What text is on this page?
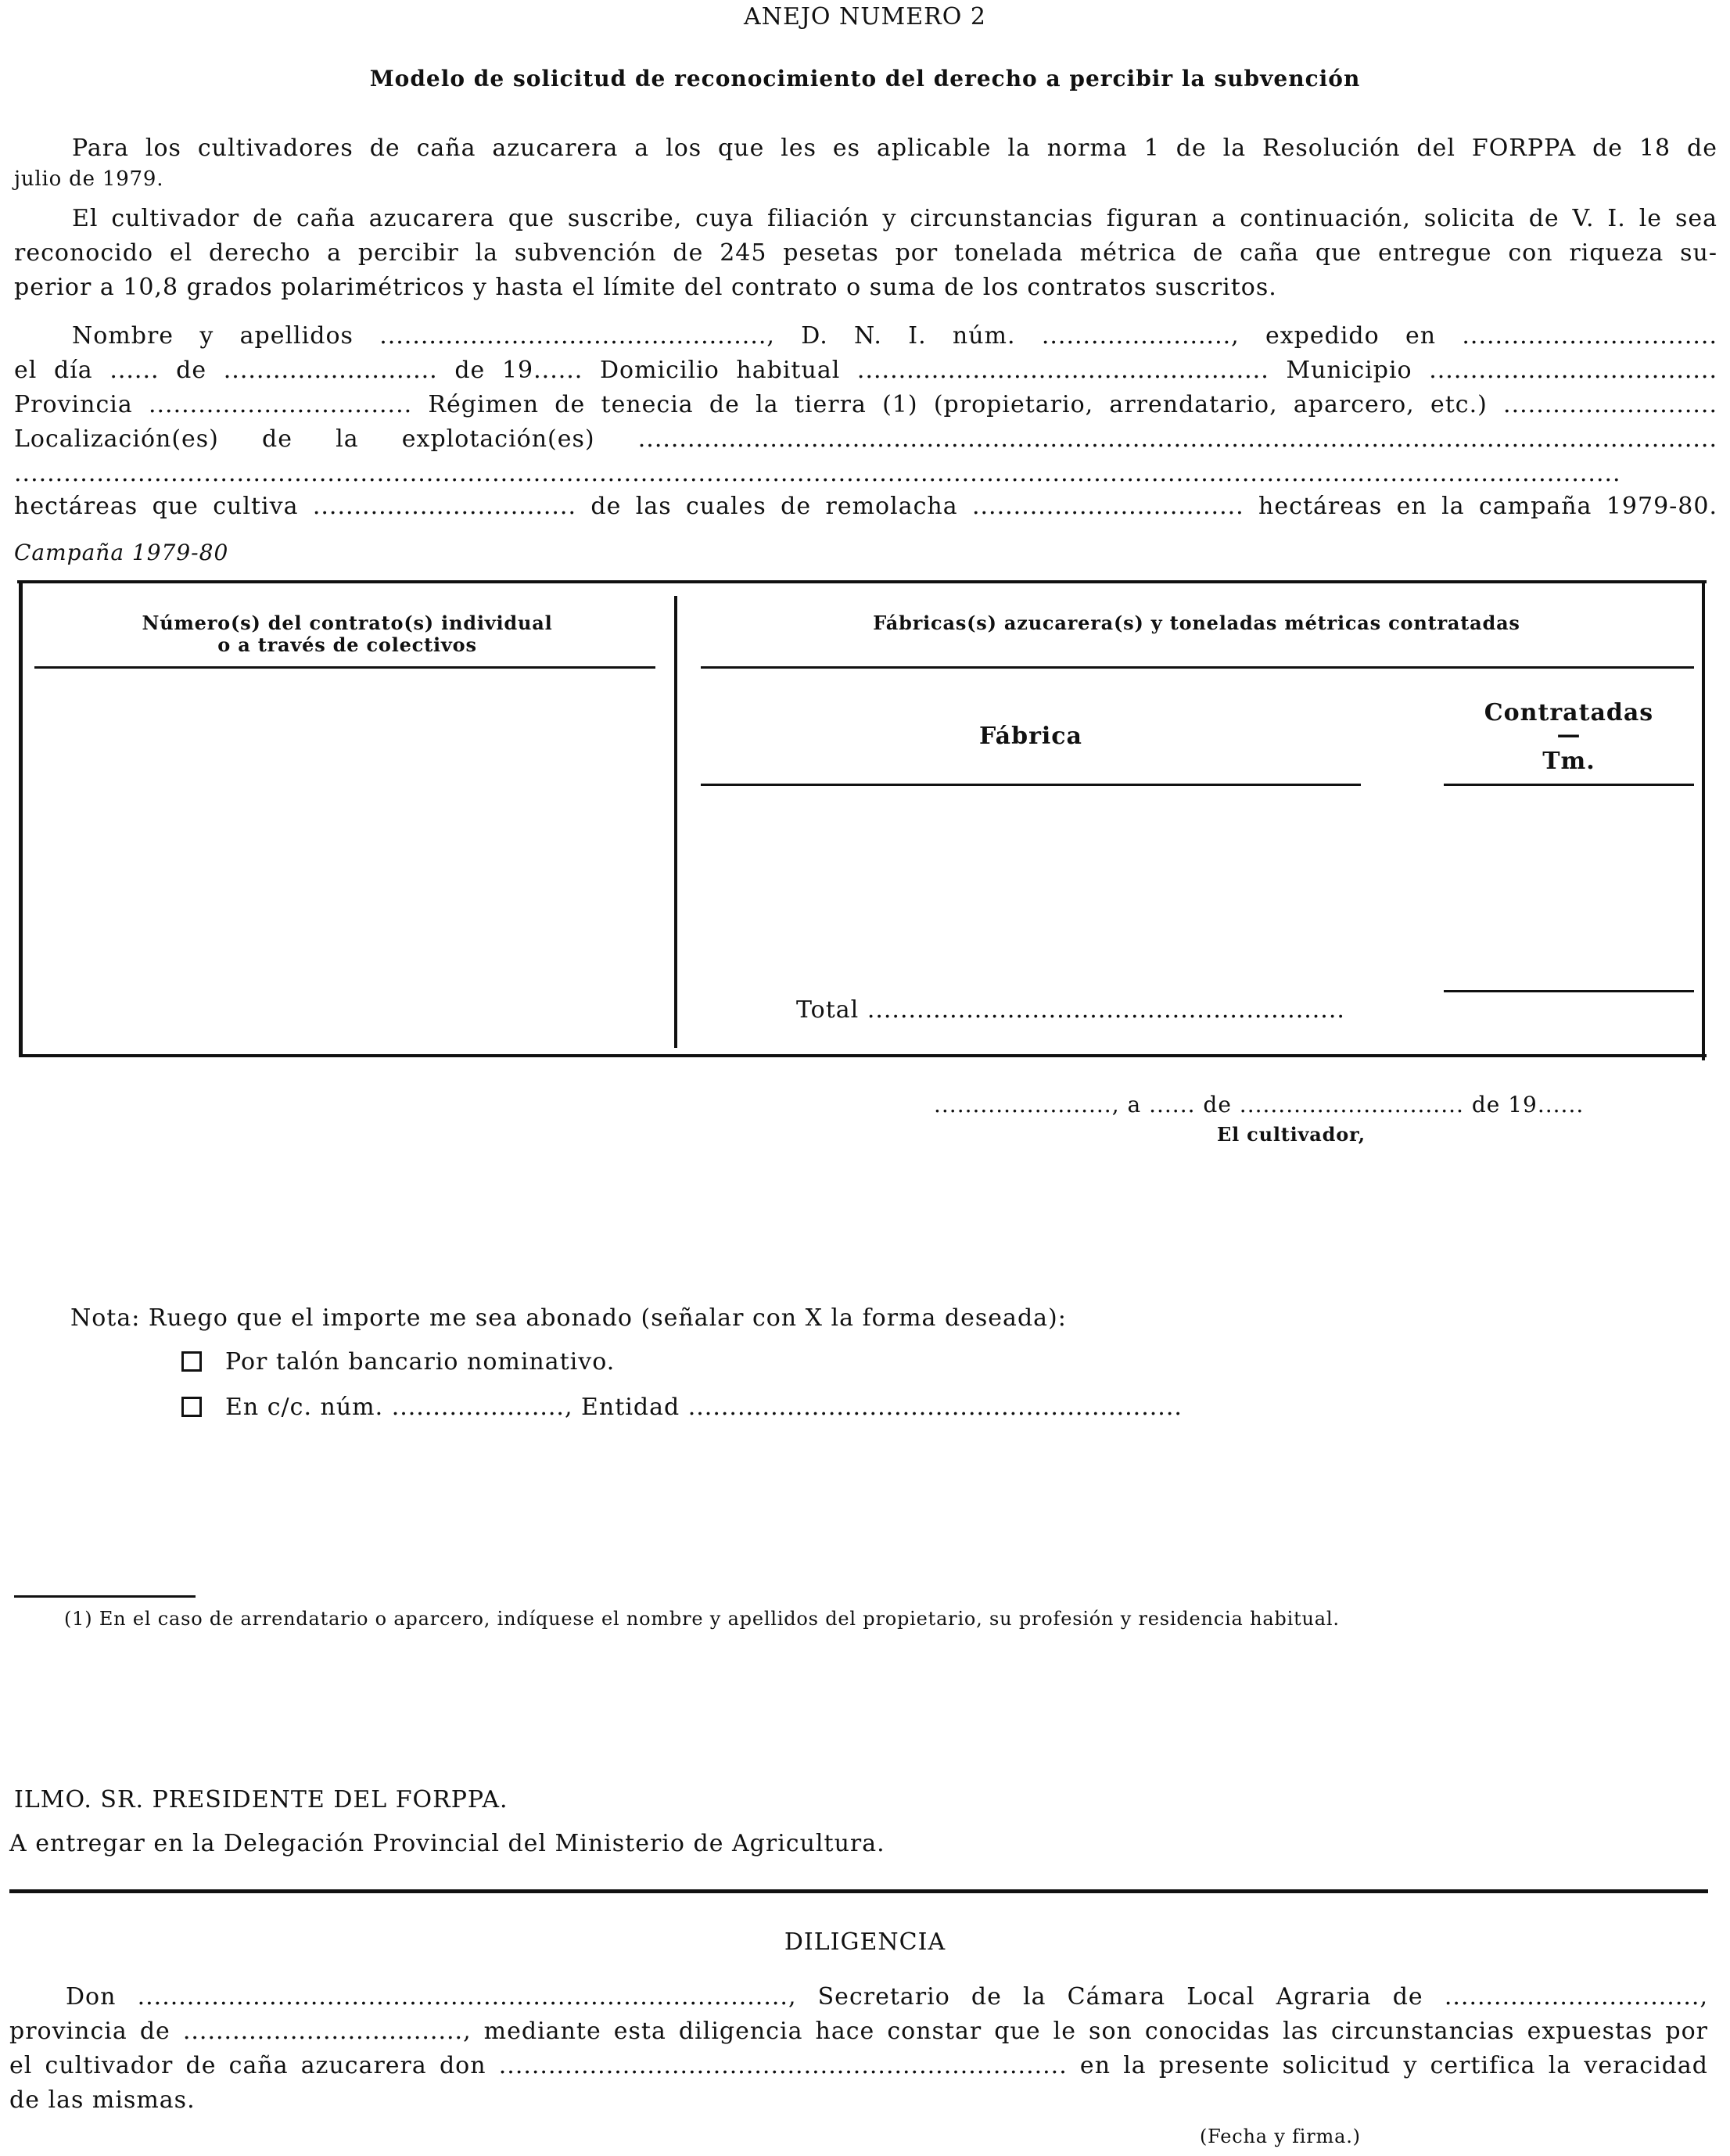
ANEJO NUMERO 2
Modelo de solicitud de reconocimiento del derecho a percibir la subvención
Para los cultivadores de caña azucarera a los que les es aplicable la norma 1 de la Resolución del FORPPA de 18 de
julio de 1979.
El cultivador de caña azucarera que suscribe, cuya filiación y circunstancias figuran a continuación, solicita de V. I. le sea
reconocido el derecho a percibir la subvención de 245 pesetas por tonelada métrica de caña que entregue con riqueza su-
perior a 10,8 grados polarimétricos y hasta el límite del contrato o suma de los contratos suscritos.
Nombre y apellidos ..............................................., D. N. I. núm. ......................., expedido en ...............................
el día ...... de .......................... de 19...... Domicilio habitual .................................................. Municipio ...................................
Provincia ................................ Régimen de tenecia de la tierra (1) (propietario, arrendatario, aparcero, etc.) ..........................
Localización(es) de la explotación(es) ...................................................................................................................................
...................................................................................................................................................................................................
hectáreas que cultiva ................................ de las cuales de remolacha ................................. hectáreas en la campaña 1979-80.
Campaña 1979-80
Número(s) del contrato(s) individual
o a través de colectivos
Fábricas(s) azucarera(s) y toneladas métricas contratadas
Fábrica
Contratadas
—
Tm.
Total ..........................................................
......................., a ...... de ............................. de 19......
El cultivador,
Nota: Ruego que el importe me sea abonado (señalar con X la forma deseada):
Por talón bancario nominativo.
En c/c. núm. ....................., Entidad ............................................................
(1) En el caso de arrendatario o aparcero, indíquese el nombre y apellidos del propietario, su profesión y residencia habitual.
ILMO. SR. PRESIDENTE DEL FORPPA.
A entregar en la Delegación Provincial del Ministerio de Agricultura.
DILIGENCIA
Don ..............................................................................., Secretario de la Cámara Local Agraria de ...............................,
provincia de .................................., mediante esta diligencia hace constar que le son conocidas las circunstancias expuestas por
el cultivador de caña azucarera don ..................................................................... en la presente solicitud y certifica la veracidad
de las mismas.
(Fecha y firma.)
